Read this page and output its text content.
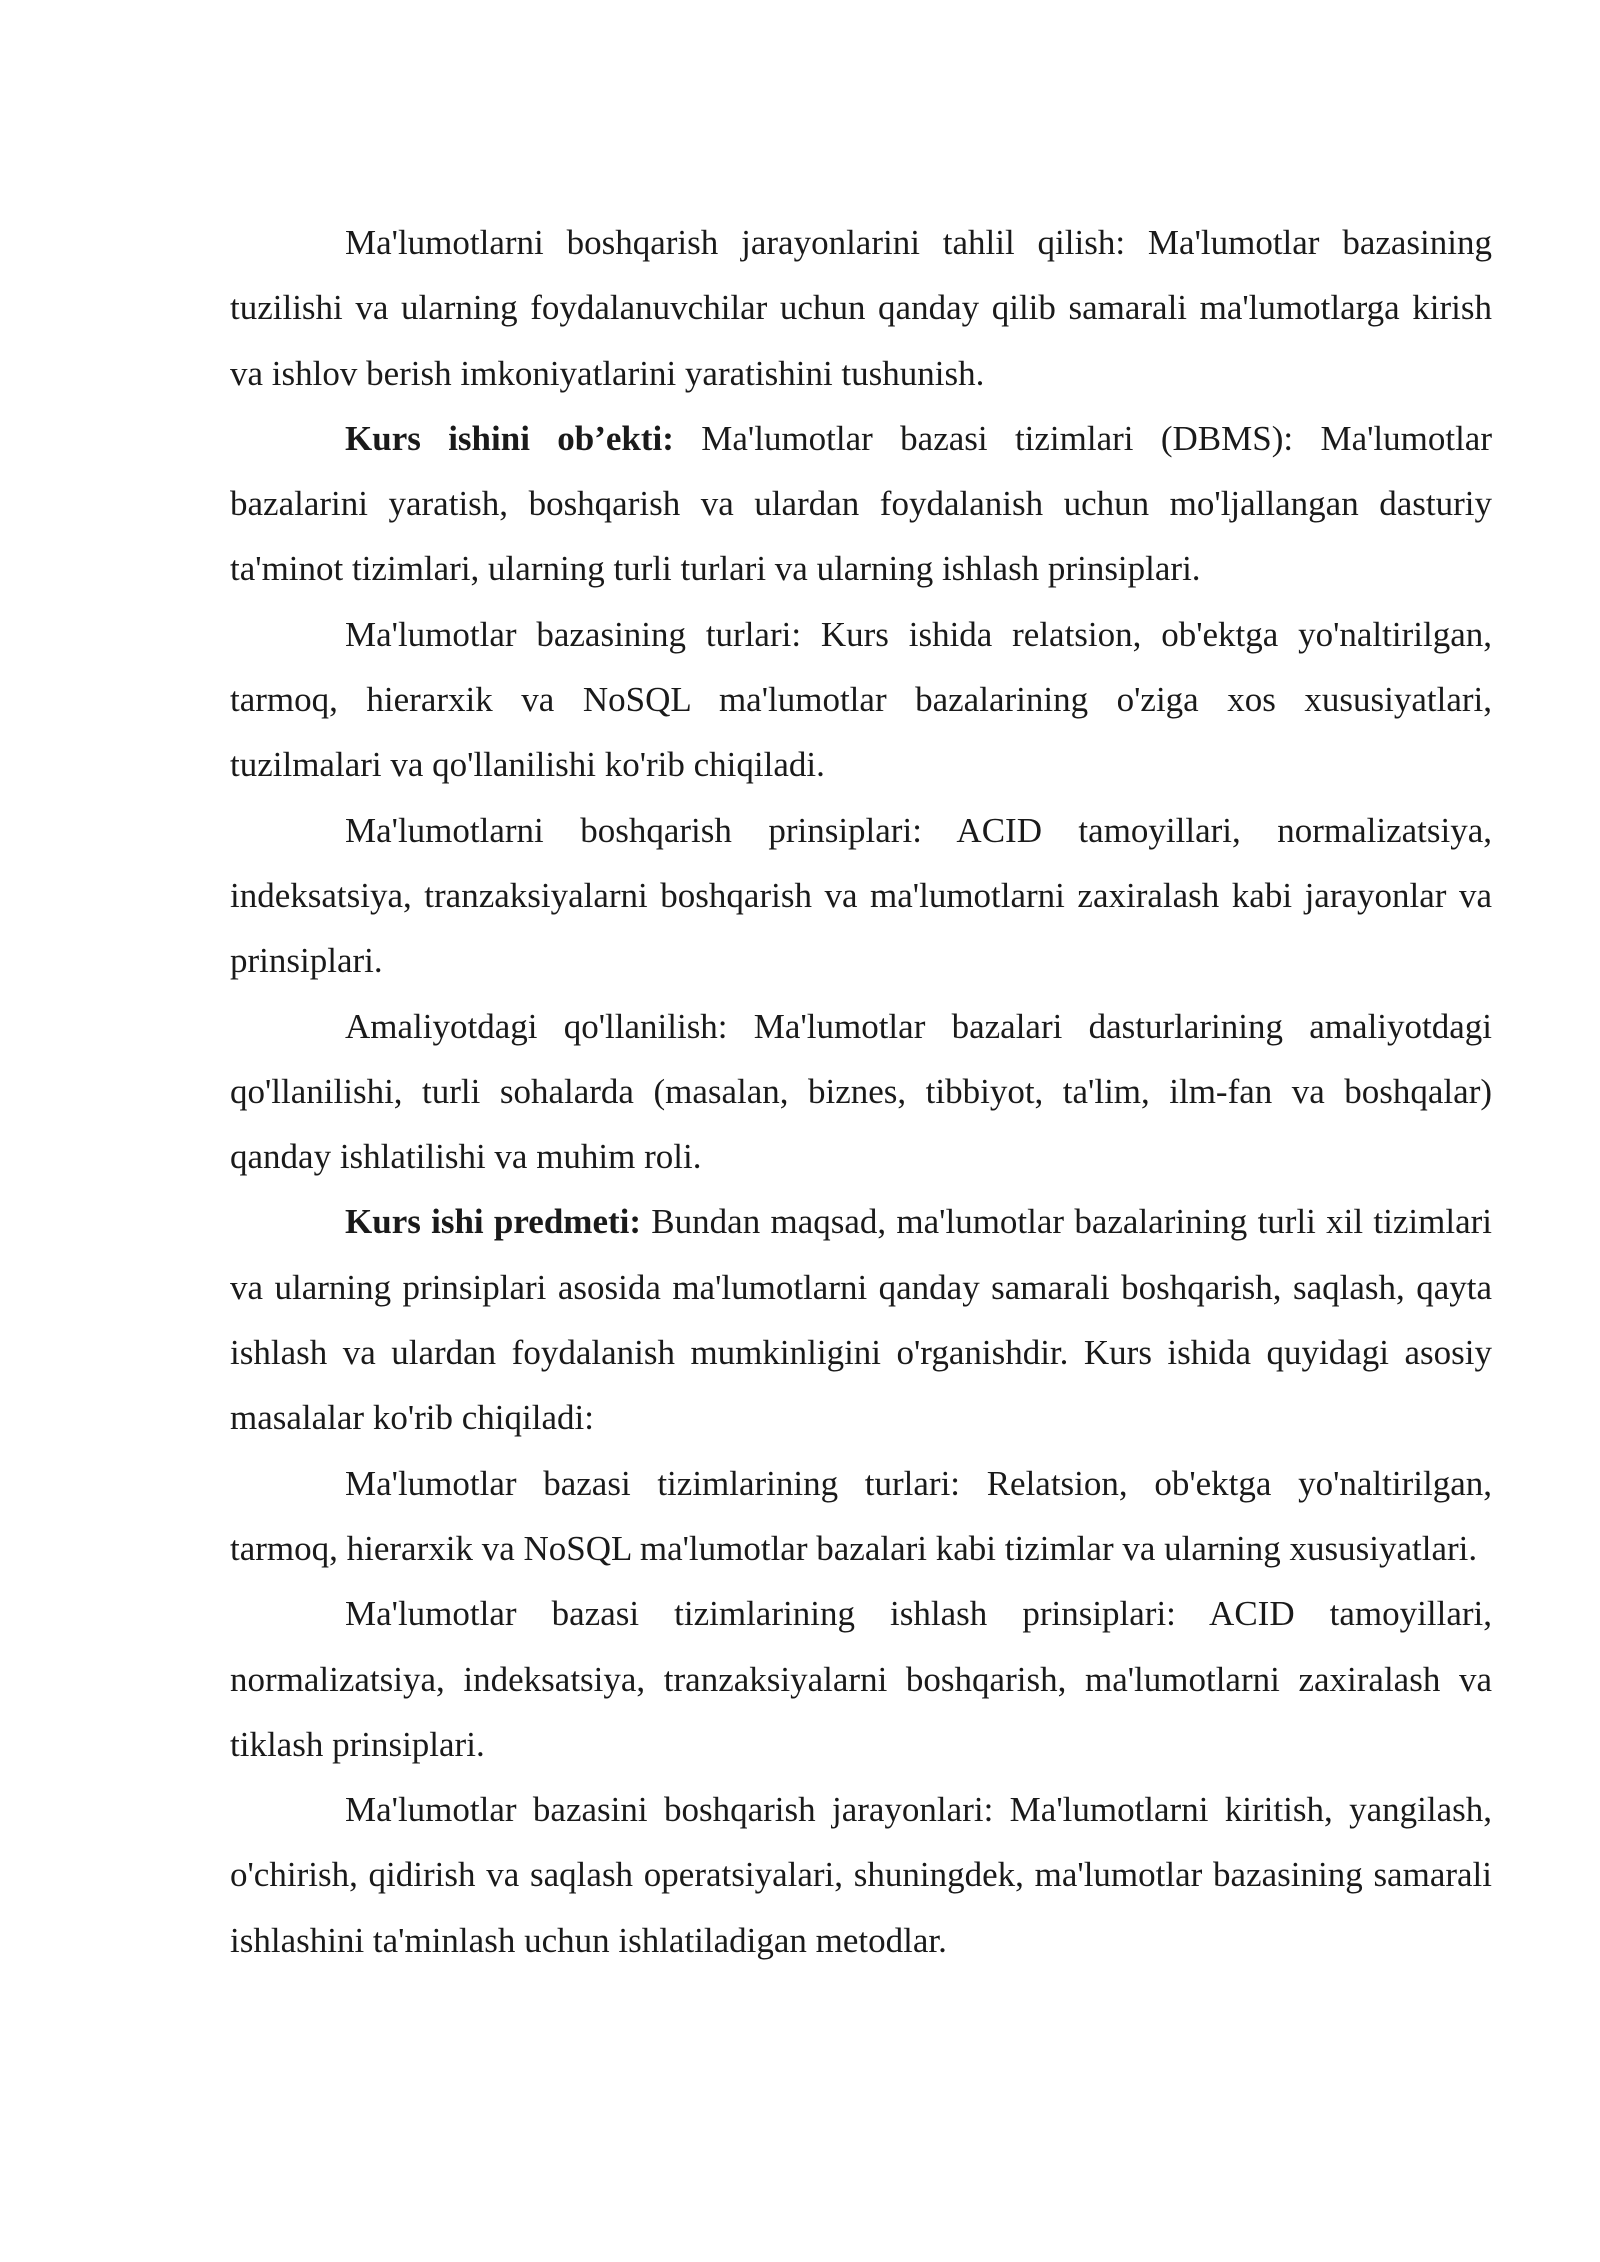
Ma'lumotlarni boshqarish jarayonlarini tahlil qilish: Ma'lumotlar bazasining tuzilishi va ularning foydalanuvchilar uchun qanday qilib samarali ma'lumotlarga kirish va ishlov berish imkoniyatlarini yaratishini tushunish.

Kurs ishini ob’ekti: Ma'lumotlar bazasi tizimlari (DBMS): Ma'lumotlar bazalarini yaratish, boshqarish va ulardan foydalanish uchun mo'ljallangan dasturiy ta'minot tizimlari, ularning turli turlari va ularning ishlash prinsiplari.

Ma'lumotlar bazasining turlari: Kurs ishida relatsion, ob'ektga yo'naltirilgan, tarmoq, hierarxik va NoSQL ma'lumotlar bazalarining o'ziga xos xususiyatlari, tuzilmalari va qo'llanilishi ko'rib chiqiladi.

Ma'lumotlarni boshqarish prinsiplari: ACID tamoyillari, normalizatsiya, indeksatsiya, tranzaksiyalarni boshqarish va ma'lumotlarni zaxiralash kabi jarayonlar va prinsiplari.

Amaliyotdagi qo'llanilish: Ma'lumotlar bazalari dasturlarining amaliyotdagi qo'llanilishi, turli sohalarda (masalan, biznes, tibbiyot, ta'lim, ilm-fan va boshqalar) qanday ishlatilishi va muhim roli.

Kurs ishi predmeti: Bundan maqsad, ma'lumotlar bazalarining turli xil tizimlari va ularning prinsiplari asosida ma'lumotlarni qanday samarali boshqarish, saqlash, qayta ishlash va ulardan foydalanish mumkinligini o'rganishdir. Kurs ishida quyidagi asosiy masalalar ko'rib chiqiladi:

Ma'lumotlar bazasi tizimlarining turlari: Relatsion, ob'ektga yo'naltirilgan, tarmoq, hierarxik va NoSQL ma'lumotlar bazalari kabi tizimlar va ularning xususiyatlari.

Ma'lumotlar bazasi tizimlarining ishlash prinsiplari: ACID tamoyillari, normalizatsiya, indeksatsiya, tranzaksiyalarni boshqarish, ma'lumotlarni zaxiralash va tiklash prinsiplari.

Ma'lumotlar bazasini boshqarish jarayonlari: Ma'lumotlarni kiritish, yangilash, o'chirish, qidirish va saqlash operatsiyalari, shuningdek, ma'lumotlar bazasining samarali ishlashini ta'minlash uchun ishlatiladigan metodlar.
